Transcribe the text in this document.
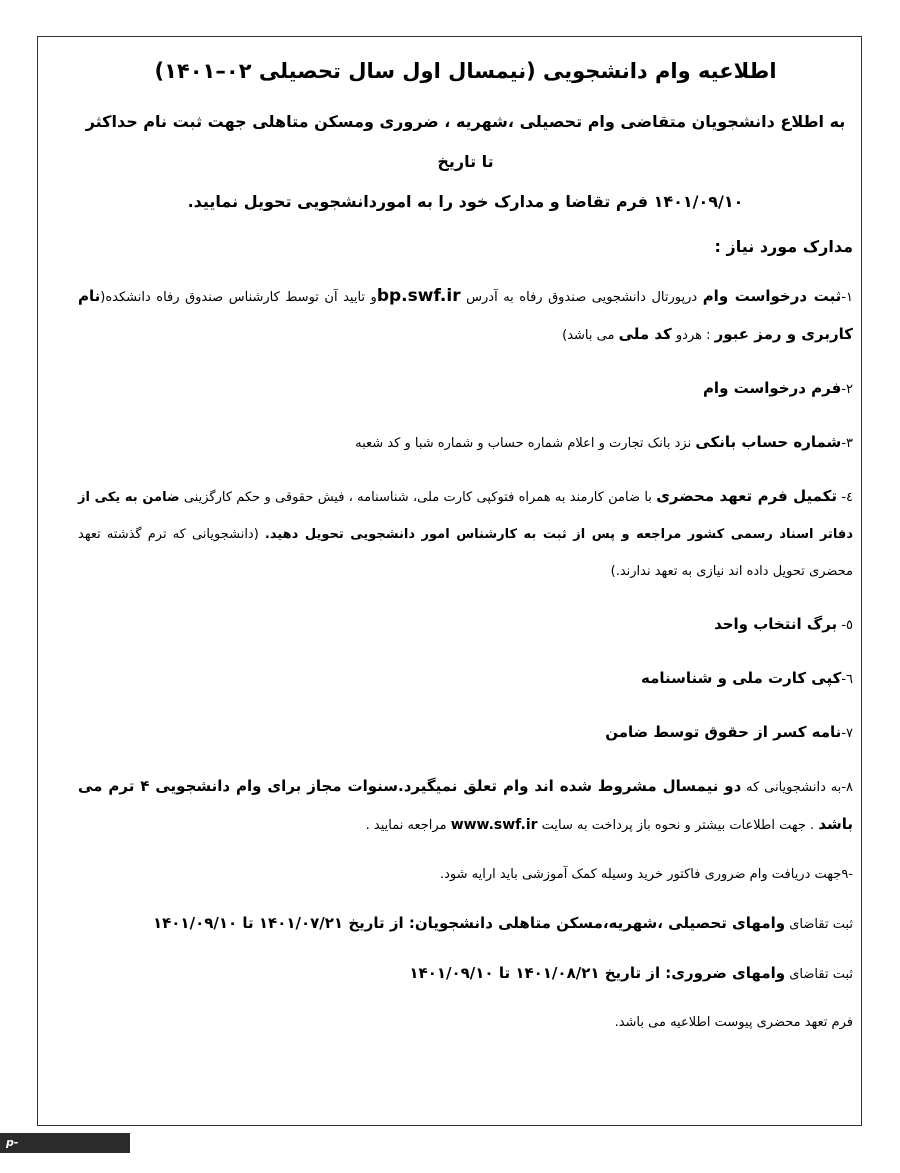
اطلاعیه وام دانشجویی (نیمسال اول سال تحصیلی ۰۲–۱۴۰۱)
به اطلاع دانشجویان متقاضی وام تحصیلی ،شهریه ، ضروری ومسکن متاهلی جهت ثبت نام حداکثر تا تاریخ
۱۴۰۱/۰۹/۱۰ فرم تقاضا و مدارک خود را به اموردانشجویی تحویل نمایید.
مدارک مورد نیاز :
۱-ثبت درخواست وام درپورتال دانشجویی صندوق رفاه به آدرس bp.swf.irو تایید آن توسط کارشناس صندوق رفاه دانشکده(نام کاربری و رمز عبور : هردو کد ملی می باشد)
۲-فرم درخواست وام
۳-شماره حساب بانکی نزد بانک تجارت و اعلام شماره حساب و شماره شبا و کد شعبه
٤- تکمیل فرم تعهد محضری با ضامن کارمند به همراه فتوکپی کارت ملی، شناسنامه ، فیش حقوقی و حکم کارگزینی ضامن به یکی از دفاتر اسناد رسمی کشور مراجعه و پس از ثبت به کارشناس امور دانشجویی تحویل دهید. (دانشجویانی که ترم گذشته تعهد محضری تحویل داده اند نیازی به تعهد ندارند.)
٥- برگ انتخاب واحد
٦-کپی کارت ملی و شناسنامه
۷-نامه کسر از حقوق توسط ضامن
۸-به دانشجویانی که دو نیمسال مشروط شده اند وام تعلق نمیگیرد.سنوات مجاز برای وام دانشجویی ۴ ترم می باشد . جهت اطلاعات بیشتر و نحوه باز پرداخت به سایت www.swf.ir مراجعه نمایید .
-۹جهت دریافت وام ضروری فاکتور خرید وسیله کمک آموزشی باید ارایه شود.
ثبت تقاضای وامهای تحصیلی ،شهریه،مسکن متاهلی دانشجویان: از تاریخ ۱۴۰۱/۰۷/۲۱ تا ۱۴۰۱/۰۹/۱۰
ثبت تقاضای وامهای ضروری: از تاریخ ۱۴۰۱/۰۸/۲۱ تا ۱۴۰۱/۰۹/۱۰
فرم تعهد محضری پیوست اطلاعیه می باشد.
p-bandarabas.tvu.ac.ir
